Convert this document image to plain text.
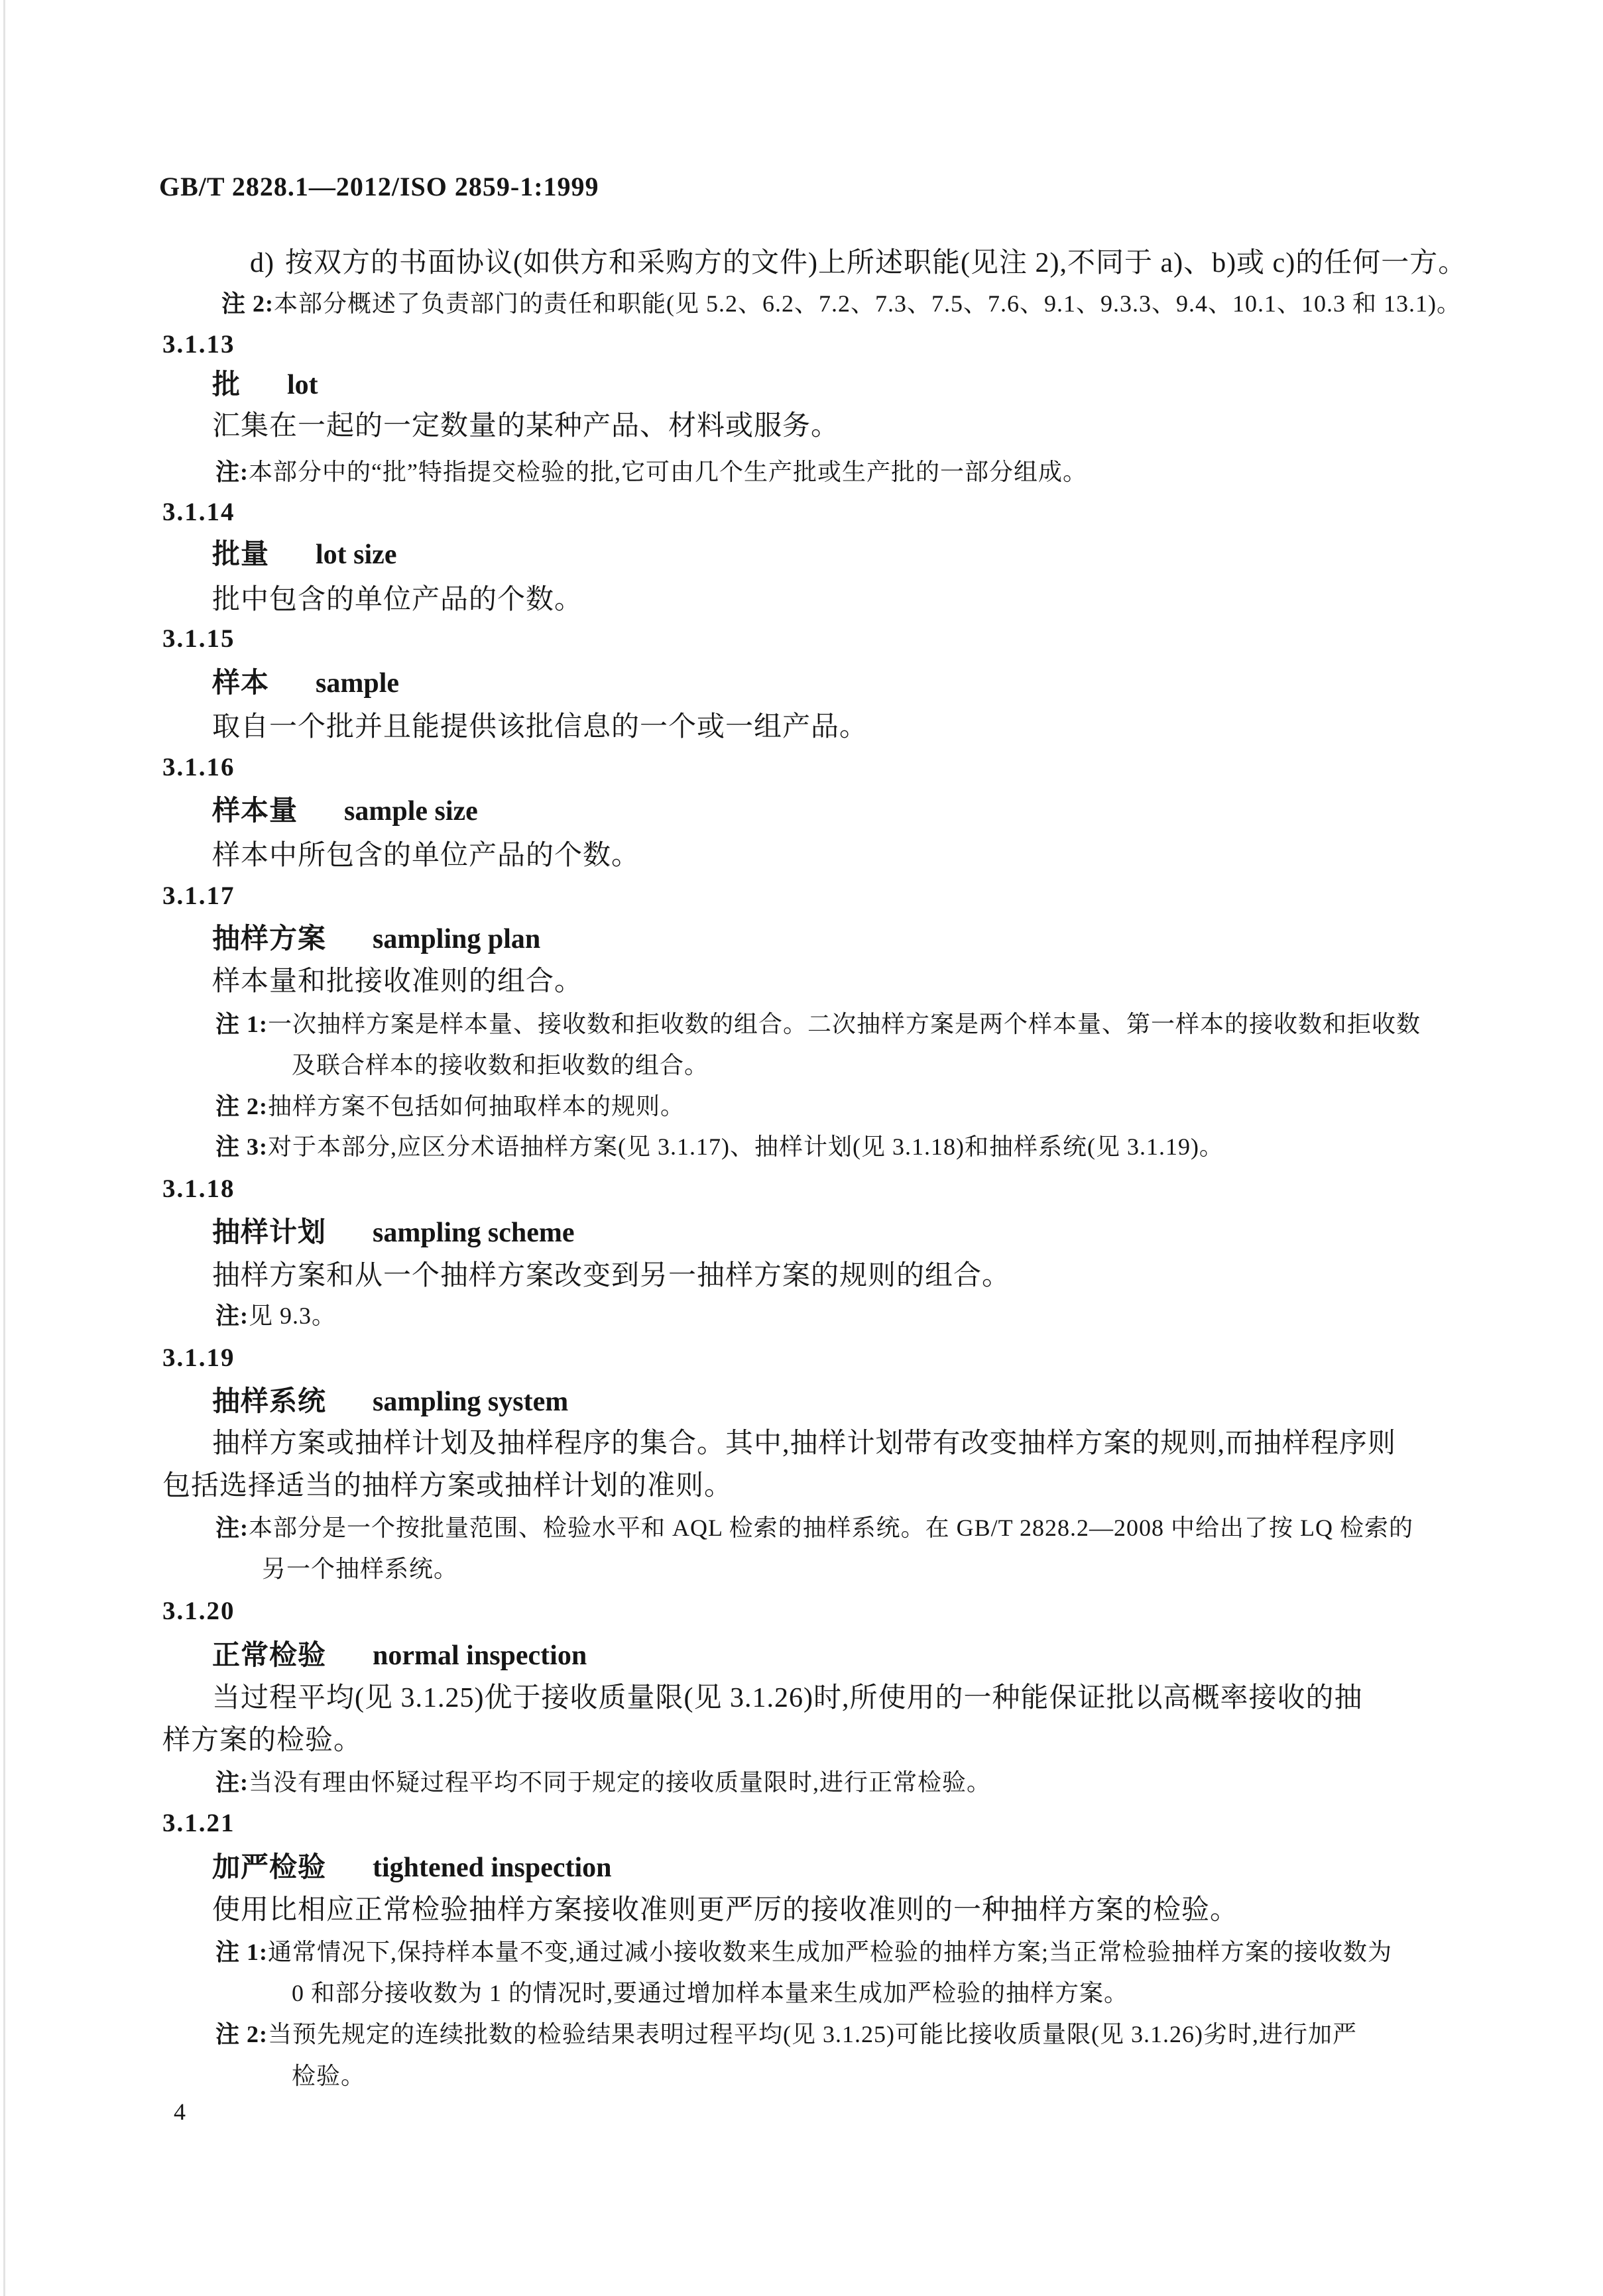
GB/T 2828.1—2012/ISO 2859-1:1999
d) 按双方的书面协议(如供方和采购方的文件)上所述职能(见注 2),不同于 a)、b)或 c)的任何一方。
注 2:本部分概述了负责部门的责任和职能(见 5.2、6.2、7.2、7.3、7.5、7.6、9.1、9.3.3、9.4、10.1、10.3 和 13.1)。
3.1.13
批 lot
汇集在一起的一定数量的某种产品、材料或服务。
注:本部分中的“批”特指提交检验的批,它可由几个生产批或生产批的一部分组成。
3.1.14
批量 lot size
批中包含的单位产品的个数。
3.1.15
样本 sample
取自一个批并且能提供该批信息的一个或一组产品。
3.1.16
样本量 sample size
样本中所包含的单位产品的个数。
3.1.17
抽样方案 sampling plan
样本量和批接收准则的组合。
注 1:一次抽样方案是样本量、接收数和拒收数的组合。二次抽样方案是两个样本量、第一样本的接收数和拒收数
及联合样本的接收数和拒收数的组合。
注 2:抽样方案不包括如何抽取样本的规则。
注 3:对于本部分,应区分术语抽样方案(见 3.1.17)、抽样计划(见 3.1.18)和抽样系统(见 3.1.19)。
3.1.18
抽样计划 sampling scheme
抽样方案和从一个抽样方案改变到另一抽样方案的规则的组合。
注:见 9.3。
3.1.19
抽样系统 sampling system
抽样方案或抽样计划及抽样程序的集合。其中,抽样计划带有改变抽样方案的规则,而抽样程序则
包括选择适当的抽样方案或抽样计划的准则。
注:本部分是一个按批量范围、检验水平和 AQL 检索的抽样系统。在 GB/T 2828.2—2008 中给出了按 LQ 检索的
另一个抽样系统。
3.1.20
正常检验 normal inspection
当过程平均(见 3.1.25)优于接收质量限(见 3.1.26)时,所使用的一种能保证批以高概率接收的抽
样方案的检验。
注:当没有理由怀疑过程平均不同于规定的接收质量限时,进行正常检验。
3.1.21
加严检验 tightened inspection
使用比相应正常检验抽样方案接收准则更严厉的接收准则的一种抽样方案的检验。
注 1:通常情况下,保持样本量不变,通过减小接收数来生成加严检验的抽样方案;当正常检验抽样方案的接收数为
0 和部分接收数为 1 的情况时,要通过增加样本量来生成加严检验的抽样方案。
注 2:当预先规定的连续批数的检验结果表明过程平均(见 3.1.25)可能比接收质量限(见 3.1.26)劣时,进行加严
检验。
4
